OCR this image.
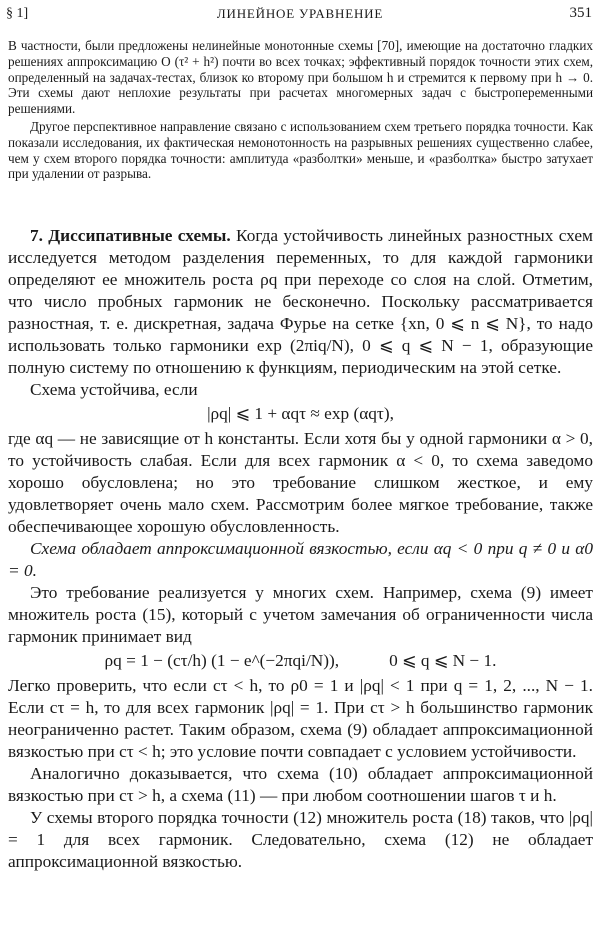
§ 1]	ЛИНЕЙНОЕ УРАВНЕНИЕ	351

В частности, были предложены нелинейные монотонные схемы [70], имеющие на достаточно гладких решениях аппроксимацию O (τ² + h²) почти во всех точках; эффективный порядок точности этих схем, определенный на задачах-тестах, близок ко второму при большом h и стремится к первому при h → 0. Эти схемы дают неплохие результаты при расчетах многомерных задач с быстропеременными решениями.

Другое перспективное направление связано с использованием схем третьего порядка точности. Как показали исследования, их фактическая немонотонность на разрывных решениях существенно слабее, чем у схем второго порядка точности: амплитуда «разболтки» меньше, и «разболтка» быстро затухает при удалении от разрыва.

7. Диссипативные схемы. Когда устойчивость линейных разностных схем исследуется методом разделения переменных, то для каждой гармоники определяют ее множитель роста ρq при переходе со слоя на слой. Отметим, что число пробных гармоник не бесконечно. Поскольку рассматривается разностная, т. е. дискретная, задача Фурье на сетке {xn, 0 ⩽ n ⩽ N}, то надо использовать только гармоники exp (2πiq/N), 0 ⩽ q ⩽ N − 1, образующие полную систему по отношению к функциям, периодическим на этой сетке.

Схема устойчива, если

|ρq| ⩽ 1 + αqτ ≈ exp (αqτ),

где αq — не зависящие от h константы. Если хотя бы у одной гармоники α > 0, то устойчивость слабая. Если для всех гармоник α < 0, то схема заведомо хорошо обусловлена; но это требование слишком жесткое, и ему удовлетворяет очень мало схем. Рассмотрим более мягкое требование, также обеспечивающее хорошую обусловленность.

Схема обладает аппроксимационной вязкостью, если αq < 0 при q ≠ 0 и α0 = 0.

Это требование реализуется у многих схем. Например, схема (9) имеет множитель роста (15), который с учетом замечания об ограниченности числа гармоник принимает вид

ρq = 1 − (cτ/h) (1 − e^(−2πqi/N)),	0 ⩽ q ⩽ N − 1.

Легко проверить, что если cτ < h, то ρ0 = 1 и |ρq| < 1 при q = 1, 2, ..., N − 1. Если cτ = h, то для всех гармоник |ρq| = 1. При cτ > h большинство гармоник неограниченно растет. Таким образом, схема (9) обладает аппроксимационной вязкостью при cτ < h; это условие почти совпадает с условием устойчивости.

Аналогично доказывается, что схема (10) обладает аппроксимационной вязкостью при cτ > h, а схема (11) — при любом соотношении шагов τ и h.

У схемы второго порядка точности (12) множитель роста (18) таков, что |ρq| = 1 для всех гармоник. Следовательно, схема (12) не обладает аппроксимационной вязкостью.
